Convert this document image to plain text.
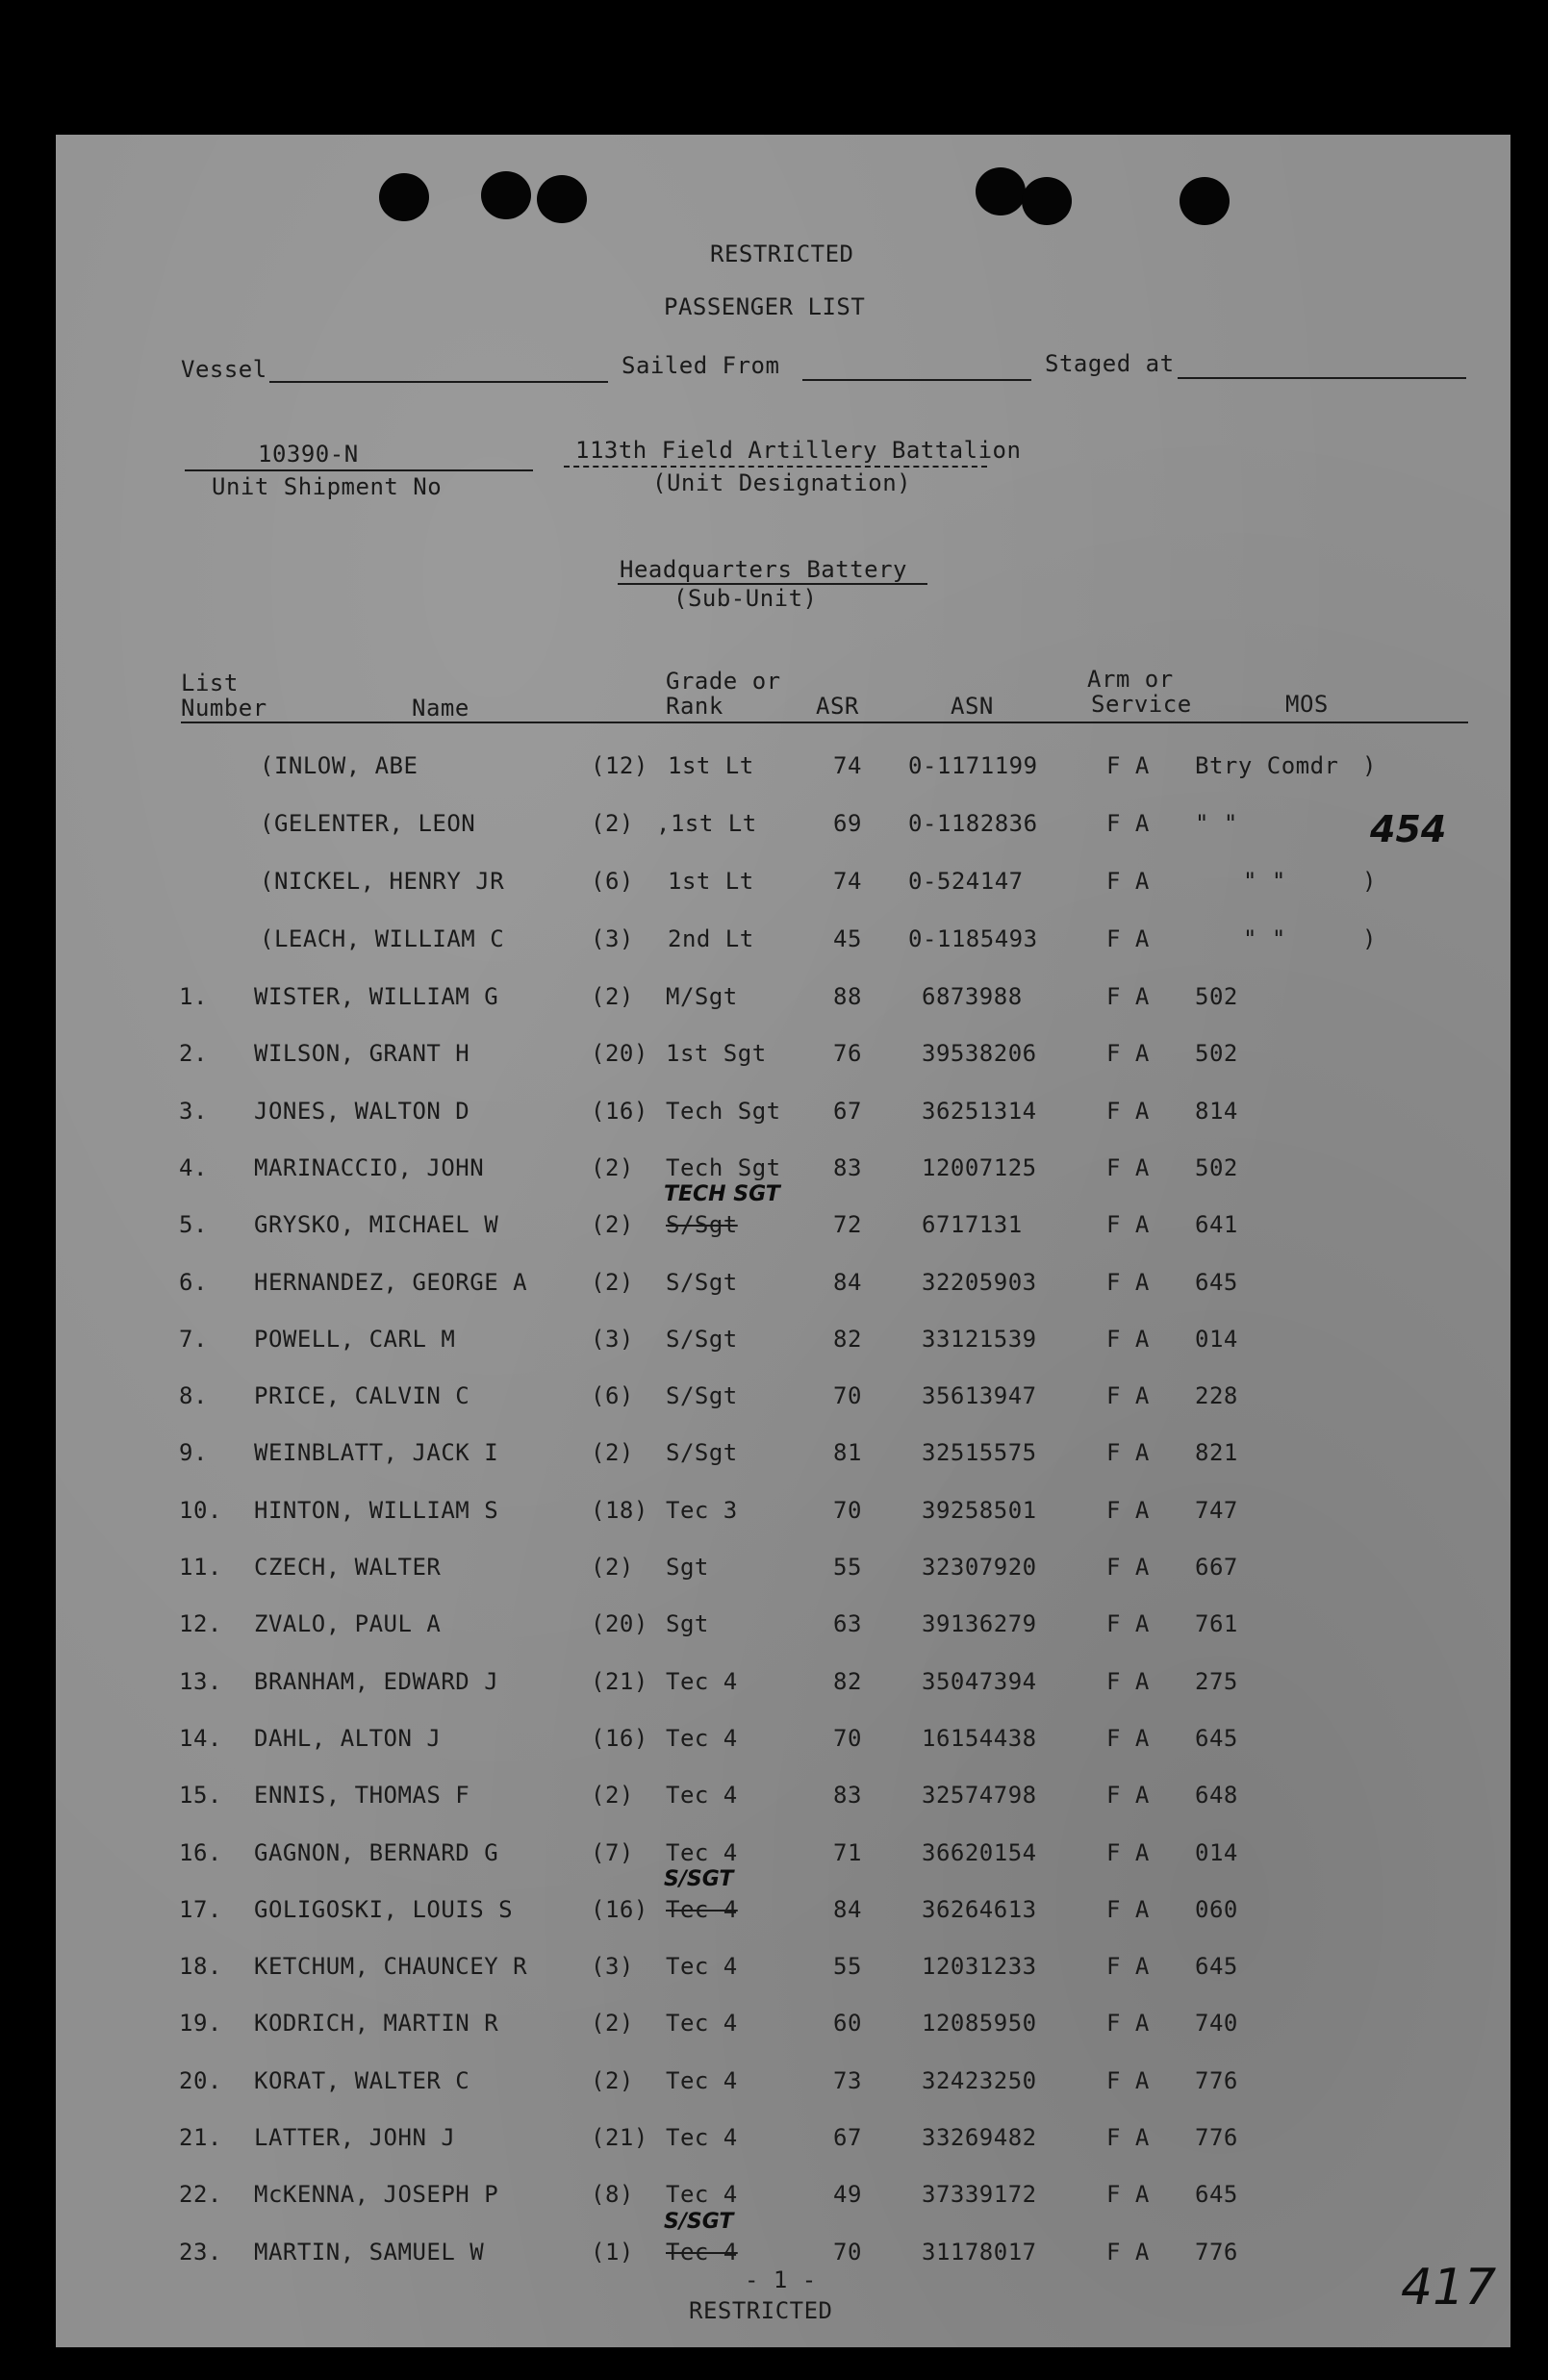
RESTRICTED
PASSENGER LIST
Vessel	Sailed From	Staged at
10390-N
Unit Shipment No
113th Field Artillery Battalion
(Unit Designation)
Headquarters Battery
(Sub-Unit)
List
Number	Name
Grade or
Rank	ASR	ASN
Arm or
Service	MOS
(INLOW, ABE	(12) 1st Lt	74 0-1171199	F A Btry Comdr )
(GELENTER, LEON	(2) ,1st Lt	69 0-1182836	F A " "
(NICKEL, HENRY JR	(6) 1st Lt	74 0-524147	F A	" "	)
(LEACH, WILLIAM C	(3) 2nd Lt	45 0-1185493	F A	" "	)
454
1. WISTER, WILLIAM G	(2) M/Sgt	88	6873988	F A 502
2. WILSON, GRANT H	(20) 1st Sgt	76	39538206	F A 502
3. JONES, WALTON D	(16) Tech Sgt 67	36251314	F A 814
4. MARINACCIO, JOHN	(2) Tech Sgt 83	12007125	F A 502
5. GRYSKO, MICHAEL W	(2) S/Sgt	72	6717131	F A 641
TECH SGT
6. HERNANDEZ, GEORGE A	(2) S/Sgt	84	32205903	F A 645
7. POWELL, CARL M	(3) S/Sgt	82	33121539	F A 014
8. PRICE, CALVIN C	(6) S/Sgt	70	35613947	F A 228
9. WEINBLATT, JACK I	(2) S/Sgt	81	32515575	F A 821
10. HINTON, WILLIAM S	(18) Tec 3	70	39258501	F A 747
11. CZECH, WALTER	(2) Sgt	55	32307920	F A 667
12. ZVALO, PAUL A	(20) Sgt	63	39136279	F A 761
13. BRANHAM, EDWARD J	(21) Tec 4	82	35047394	F A 275
14. DAHL, ALTON J	(16) Tec 4	70	16154438	F A 645
15. ENNIS, THOMAS F	(2) Tec 4	83	32574798	F A 648
16. GAGNON, BERNARD G	(7) Tec 4	71	36620154	F A 014
17. GOLIGOSKI, LOUIS S	(16) Tec 4	84	36264613	F A 060
S/SGT
18. KETCHUM, CHAUNCEY R	(3) Tec 4	55	12031233	F A 645
19. KODRICH, MARTIN R	(2) Tec 4	60	12085950	F A 740
20. KORAT, WALTER C	(2) Tec 4	73	32423250	F A 776
21. LATTER, JOHN J	(21) Tec 4	67	33269482	F A 776
22. McKENNA, JOSEPH P	(8) Tec 4	49	37339172	F A 645
23. MARTIN, SAMUEL W	(1) Tec 4	70	31178017	F A 776
S/SGT
- 1 -
RESTRICTED	417
